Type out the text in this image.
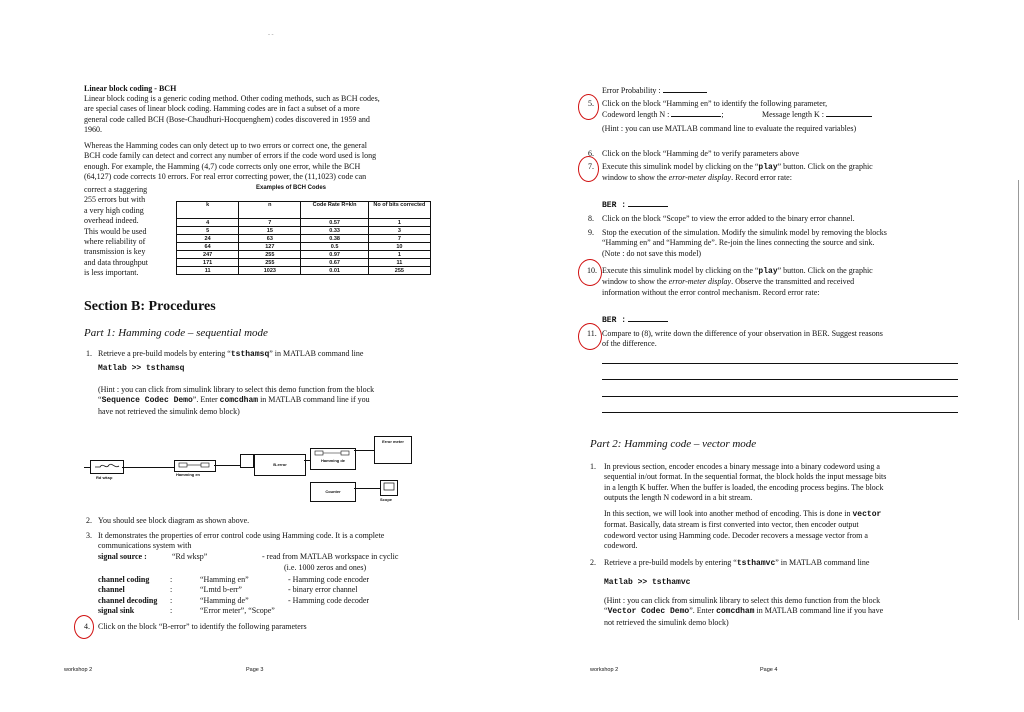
- -
Linear block coding - BCH
Linear block coding is a generic coding method. Other coding methods, such as BCH codes,
are special cases of linear block coding. Hamming codes are in fact a subset of a more
general code called BCH (Bose-Chaudhuri-Hocquenghem) codes discovered in 1959 and
1960.
Whereas the Hamming codes can only detect up to two errors or correct one, the general
BCH code family can detect and correct any number of errors if the code word used is long
enough. For example, the Hamming (4,7) code corrects only one error, while the BCH
(64,127) code corrects 10 errors. For real error correcting power, the (11,1023) code can
correct a staggering
255 errors but with
a very high coding
overhead indeed.
This would be used
where reliability of
transmission is key
and data throughput
is less important.
Examples of BCH Codes
k	n	Code Rate R=k/n	No of bits corrected
4	7	0.57	1
5	15	0.33	3
24	63	0.38	7
64	127	0.5	10
247	255	0.97	1
171	255	0.67	11
11	1023	0.01	255
Section B: Procedures
Part 1: Hamming code – sequential mode
1. Retrieve a pre-build models by entering “tsthamsq” in MATLAB command line
Matlab >> tsthamsq
(Hint : you can click from simulink library to select this demo function from the block
“Sequence Codec Demo”. Enter comcdham in MATLAB command line if you
have not retrieved the simulink demo block)
Rd wksp
Hamming en
B-error
Hamming de
Error meter
Counter
Scope
2. You should see block diagram as shown above.
3. It demonstrates the properties of error control code using Hamming code. It is a complete
communications system with
signal source :	“Rd wksp”	- read from MATLAB workspace in cyclic
(i.e. 1000 zeros and ones)
channel coding	:	“Hamming en”	- Hamming code encoder
channel	:	“Lmtd b-err”	- binary error channel
channel decoding :	“Hamming de”	- Hamming code decoder
signal sink	:	“Error meter”, “Scope”
4. Click on the block “B-error” to identify the following parameters
workshop 2	Page 3
Error Probability :
5. Click on the block “Hamming en” to identify the following parameter,
Codeword length N :	;	Message length K :
(Hint : you can use MATLAB command line to evaluate the required variables)
6. Click on the block “Hamming de” to verify parameters above
7. Execute this simulink model by clicking on the “play” button. Click on the graphic
window to show the error-meter display. Record error rate:
BER :
8. Click on the block “Scope” to view the error added to the binary error channel.
9. Stop the execution of the simulation. Modify the simulink model by removing the blocks
“Hamming en” and “Hamming de”. Re-join the lines connecting the source and sink.
(Note : do not save this model)
10. Execute this simulink model by clicking on the “play” button. Click on the graphic
window to show the error-meter display. Observe the transmitted and received
information without the error control mechanism. Record error rate:
BER :
11. Compare to (8), write down the difference of your observation in BER. Suggest reasons
of the difference.
Part 2: Hamming code – vector mode
1. In previous section, encoder encodes a binary message into a binary codeword using a
sequential in/out format. In the sequential format, the block holds the input message bits
in a length K buffer. When the buffer is loaded, the encoding process begins. The block
outputs the length N codeword in a bit stream.
In this section, we will look into another method of encoding. This is done in vector
format. Basically, data stream is first converted into vector, then encoder output
codeword vector using Hamming code. Decoder recovers a message vector from a
codeword.
2. Retrieve a pre-build models by entering “tsthamvc” in MATLAB command line
Matlab >> tsthamvc
(Hint : you can click from simulink library to select this demo function from the block
“Vector Codec Demo”. Enter comcdham in MATLAB command line if you have
not retrieved the simulink demo block)
workshop 2	Page 4
